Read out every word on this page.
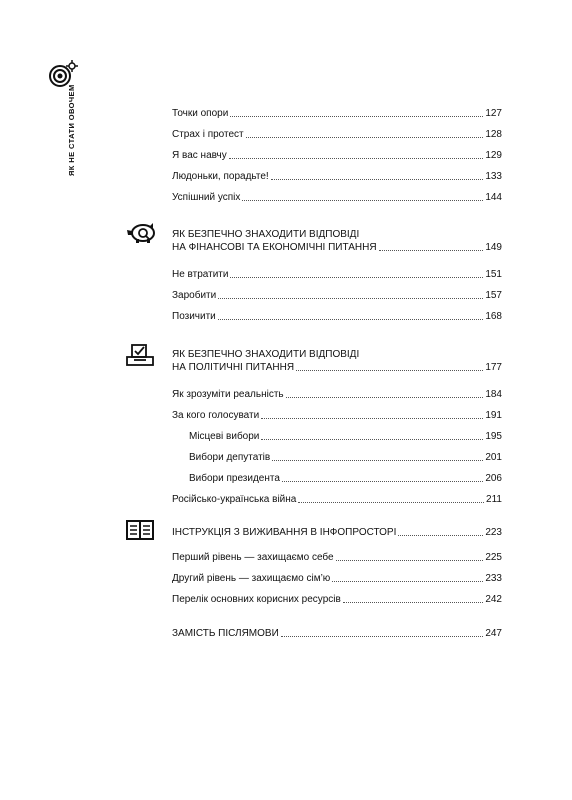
ЯК НЕ СТАТИ ОВОЧЕМ	Точки опори	127
Страх і протест	128
Я вас навчу	129
Людоньки, порадьте!	133
Успішний успіх	144
ЯК БЕЗПЕЧНО ЗНАХОДИТИ ВІДПОВІДІ
НА ФІНАНСОВІ ТА ЕКОНОМІЧНІ ПИТАННЯ	149
Не втратити	151
Заробити	157
Позичити	168
ЯК БЕЗПЕЧНО ЗНАХОДИТИ ВІДПОВІДІ
НА ПОЛІТИЧНІ ПИТАННЯ	177
Як зрозуміти реальність	184
За кого голосувати	191
Місцеві вибори	195
Вибори депутатів	201
Вибори президента	206
Російсько-українська війна	211
ІНСТРУКЦІЯ З ВИЖИВАННЯ В ІНФОПРОСТОРІ	223
Перший рівень — захищаємо себе	225
Другий рівень — захищаємо сім’ю	233
Перелік основних корисних ресурсів	242
ЗАМІСТЬ ПІСЛЯМОВИ	247
